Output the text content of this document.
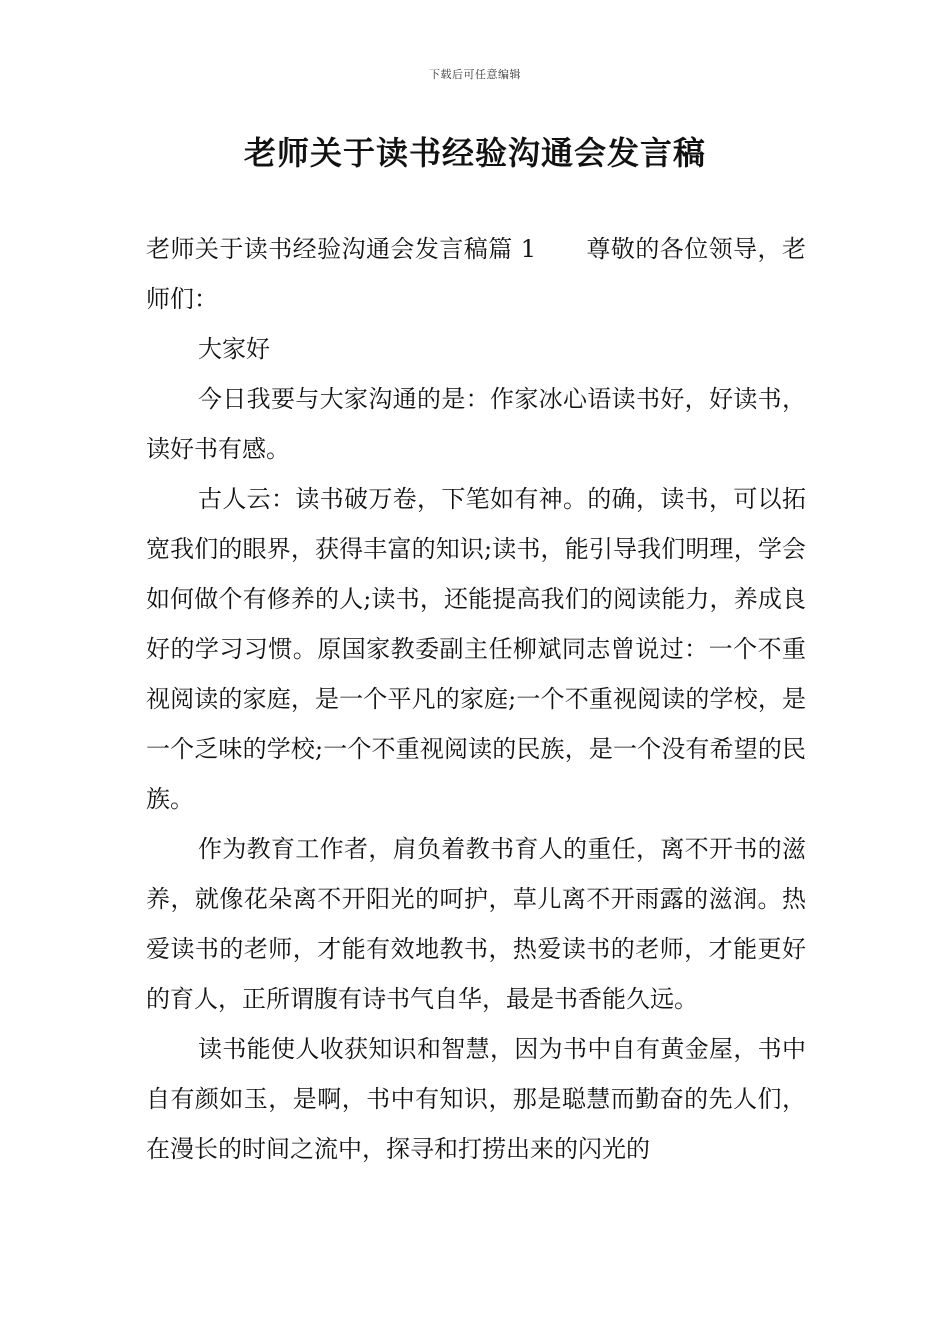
下载后可任意编辑
老师关于读书经验沟通会发言稿

老师关于读书经验沟通会发言稿篇 1 尊敬的各位领导，老师们：

大家好

今日我要与大家沟通的是：作家冰心语读书好，好读书，读好书有感。

古人云：读书破万卷，下笔如有神。的确，读书，可以拓宽我们的眼界，获得丰富的知识;读书，能引导我们明理，学会如何做个有修养的人;读书，还能提高我们的阅读能力，养成良好的学习习惯。原国家教委副主任柳斌同志曾说过：一个不重视阅读的家庭，是一个平凡的家庭;一个不重视阅读的学校，是一个乏味的学校;一个不重视阅读的民族，是一个没有希望的民族。

作为教育工作者，肩负着教书育人的重任，离不开书的滋养，就像花朵离不开阳光的呵护，草儿离不开雨露的滋润。热爱读书的老师，才能有效地教书，热爱读书的老师，才能更好的育人，正所谓腹有诗书气自华，最是书香能久远。

读书能使人收获知识和智慧，因为书中自有黄金屋，书中自有颜如玉，是啊，书中有知识，那是聪慧而勤奋的先人们，在漫长的时间之流中，探寻和打捞出来的闪光的
